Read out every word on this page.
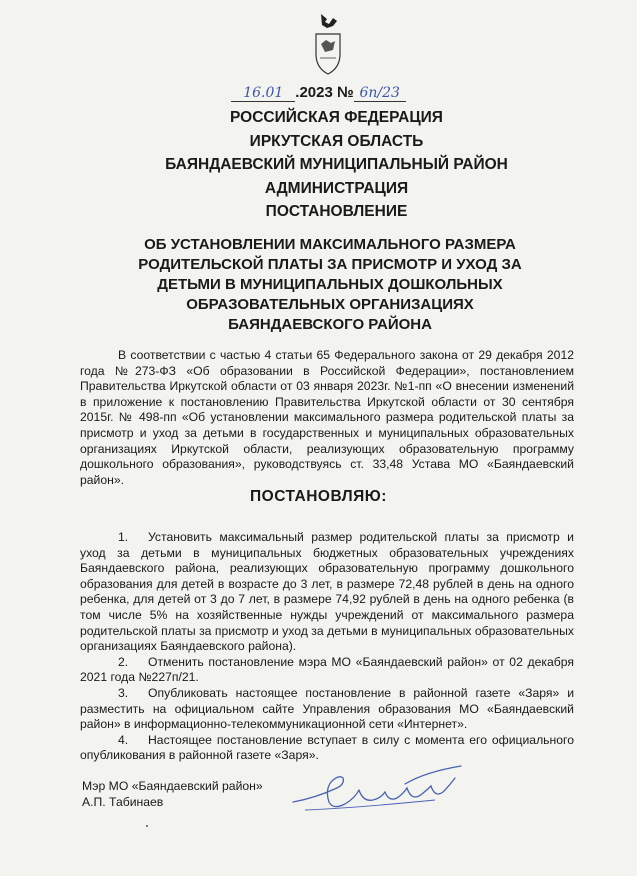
16.01 .2023 № 6п/23
РОССИЙСКАЯ ФЕДЕРАЦИЯ
ИРКУТСКАЯ ОБЛАСТЬ
БАЯНДАЕВСКИЙ МУНИЦИПАЛЬНЫЙ РАЙОН
АДМИНИСТРАЦИЯ
ПОСТАНОВЛЕНИЕ
ОБ УСТАНОВЛЕНИИ МАКСИМАЛЬНОГО РАЗМЕРА
РОДИТЕЛЬСКОЙ ПЛАТЫ ЗА ПРИСМОТР И УХОД ЗА
ДЕТЬМИ В МУНИЦИПАЛЬНЫХ ДОШКОЛЬНЫХ
ОБРАЗОВАТЕЛЬНЫХ ОРГАНИЗАЦИЯХ
БАЯНДАЕВСКОГО РАЙОНА
В соответствии с частью 4 статьи 65 Федерального закона от 29 декабря 2012 года №273-ФЗ «Об образовании в Российской Федерации», постановлением Правительства Иркутской области от 03 января 2023г. №1-пп «О внесении изменений в приложение к постановлению Правительства Иркутской области от 30 сентября 2015г. № 498-пп «Об установлении максимального размера родительской платы за присмотр и уход за детьми в государственных и муниципальных образовательных организациях Иркутской области, реализующих образовательную программу дошкольного образования», руководствуясь ст. 33,48 Устава МО «Баяндаевский район».
ПОСТАНОВЛЯЮ:
1. Установить максимальный размер родительской платы за присмотр и уход за детьми в муниципальных бюджетных образовательных учреждениях Баяндаевского района, реализующих образовательную программу дошкольного образования для детей в возрасте до 3 лет, в размере 72,48 рублей в день на одного ребенка, для детей от 3 до 7 лет, в размере 74,92 рублей в день на одного ребенка (в том числе 5% на хозяйственные нужды учреждений от максимального размера родительской платы за присмотр и уход за детьми в муниципальных образовательных организациях Баяндаевского района).
2. Отменить постановление мэра МО «Баяндаевский район» от 02 декабря 2021 года №227п/21.
3. Опубликовать настоящее постановление в районной газете «Заря» и разместить на официальном сайте Управления образования МО «Баяндаевский район» в информационно-телекоммуникационной сети «Интернет».
4. Настоящее постановление вступает в силу с момента его официального опубликования в районной газете «Заря».
Мэр МО «Баяндаевский район»
А.П. Табинаев
